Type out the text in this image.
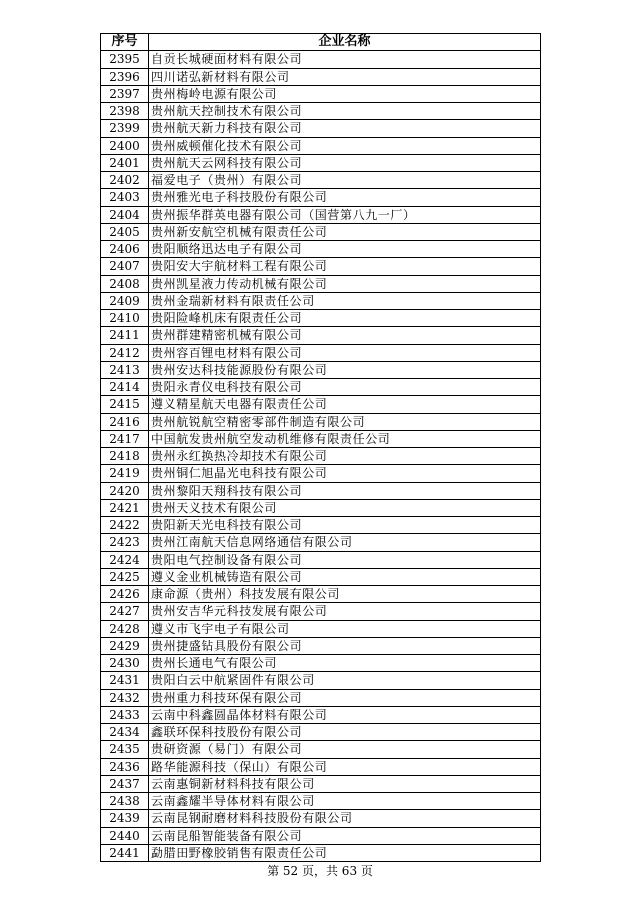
序号	企业名称
2395	自贡长城硬面材料有限公司
2396	四川诺弘新材料有限公司
2397	贵州梅岭电源有限公司
2398	贵州航天控制技术有限公司
2399	贵州航天新力科技有限公司
2400	贵州威顿催化技术有限公司
2401	贵州航天云网科技有限公司
2402	福爱电子（贵州）有限公司
2403	贵州雅光电子科技股份有限公司
2404	贵州振华群英电器有限公司（国营第八九一厂）
2405	贵州新安航空机械有限责任公司
2406	贵阳顺络迅达电子有限公司
2407	贵阳安大宇航材料工程有限公司
2408	贵州凯星液力传动机械有限公司
2409	贵州金瑞新材料有限责任公司
2410	贵阳险峰机床有限责任公司
2411	贵州群建精密机械有限公司
2412	贵州容百锂电材料有限公司
2413	贵州安达科技能源股份有限公司
2414	贵阳永青仪电科技有限公司
2415	遵义精星航天电器有限责任公司
2416	贵州航锐航空精密零部件制造有限公司
2417	中国航发贵州航空发动机维修有限责任公司
2418	贵州永红换热冷却技术有限公司
2419	贵州铜仁旭晶光电科技有限公司
2420	贵州黎阳天翔科技有限公司
2421	贵州天义技术有限公司
2422	贵阳新天光电科技有限公司
2423	贵州江南航天信息网络通信有限公司
2424	贵阳电气控制设备有限公司
2425	遵义金业机械铸造有限公司
2426	康命源（贵州）科技发展有限公司
2427	贵州安吉华元科技发展有限公司
2428	遵义市飞宇电子有限公司
2429	贵州捷盛钻具股份有限公司
2430	贵州长通电气有限公司
2431	贵阳白云中航紧固件有限公司
2432	贵州重力科技环保有限公司
2433	云南中科鑫圆晶体材料有限公司
2434	鑫联环保科技股份有限公司
2435	贵研资源（易门）有限公司
2436	路华能源科技（保山）有限公司
2437	云南惠铜新材料科技有限公司
2438	云南鑫耀半导体材料有限公司
2439	云南昆钢耐磨材料科技股份有限公司
2440	云南昆船智能装备有限公司
2441	勐腊田野橡胶销售有限责任公司
第 52 页，共 63 页
